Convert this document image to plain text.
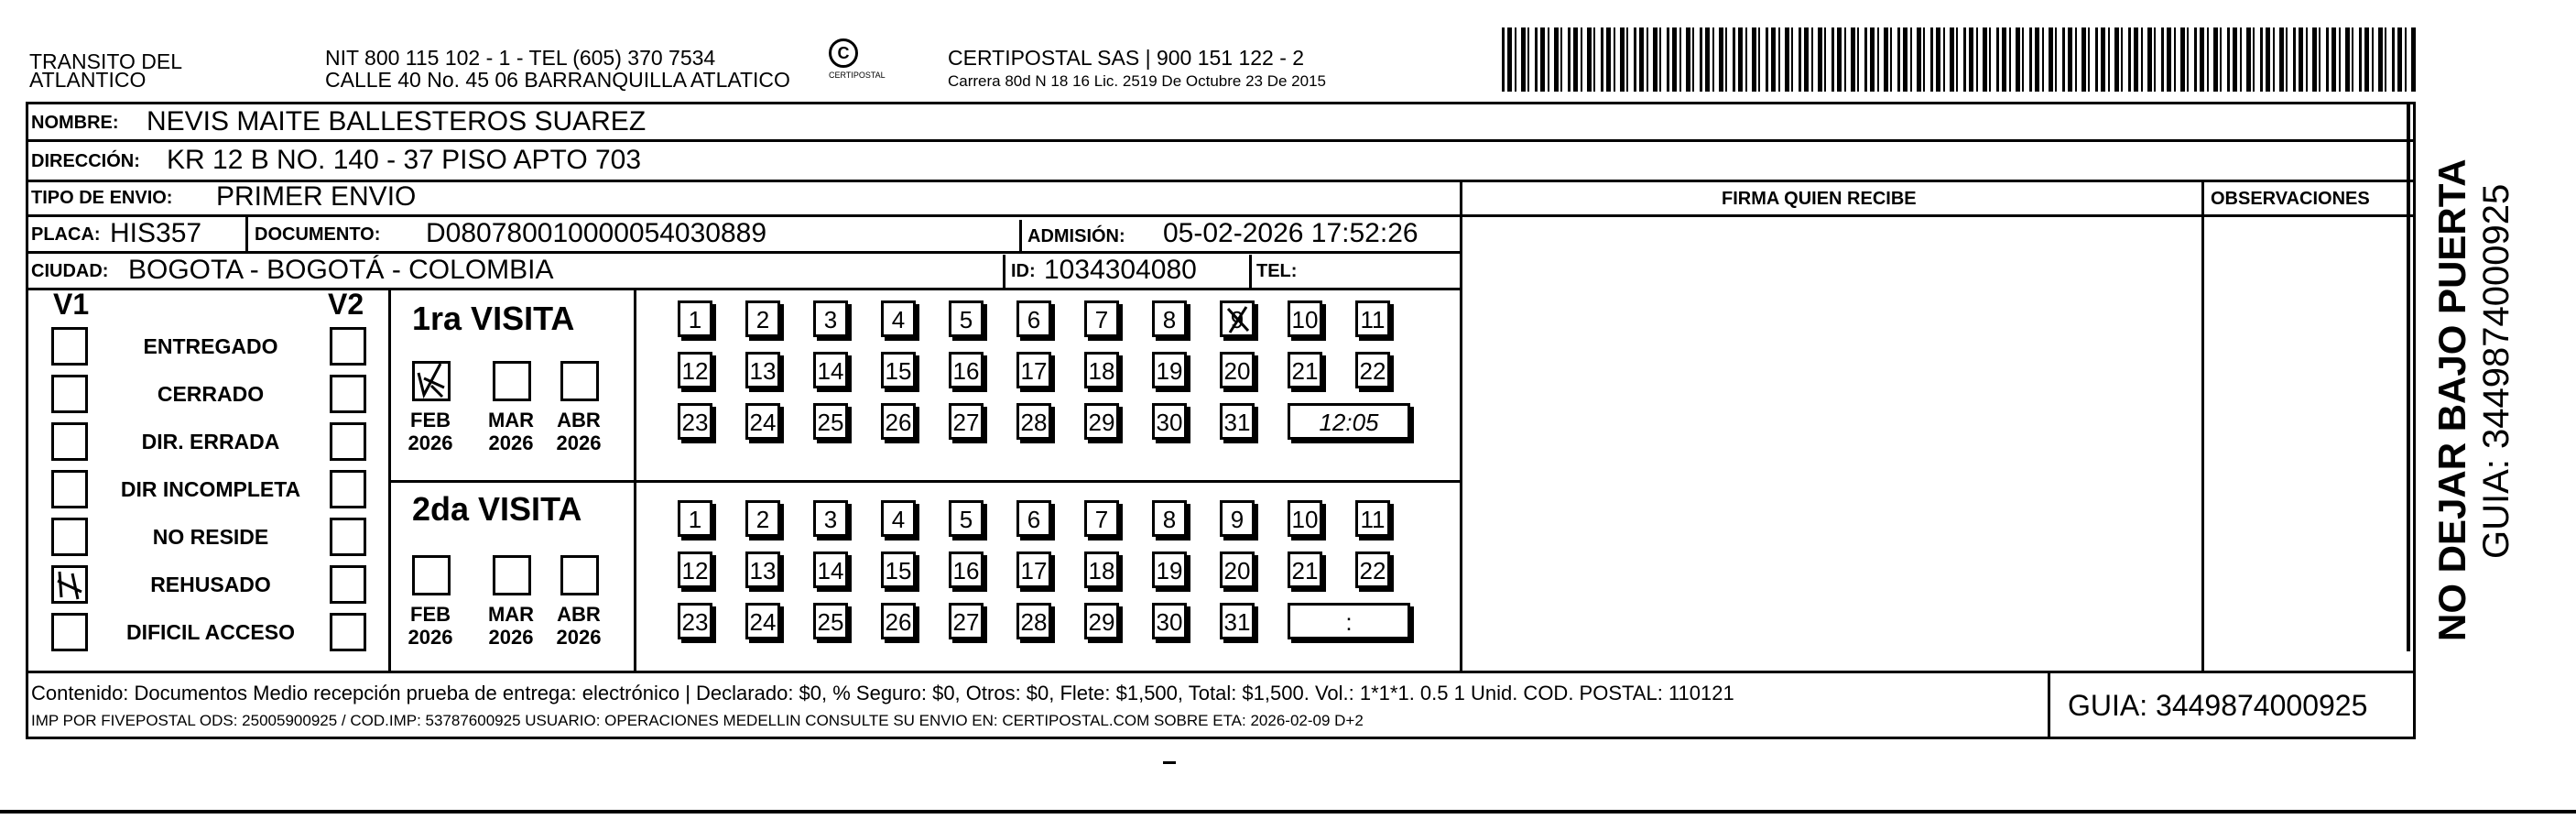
TRANSITO DEL
ATLANTICO
NIT 800 115 102 - 1 - TEL (605) 370 7534
CALLE 40 No. 45 06 BARRANQUILLA ATLATICO
C
CERTIPOSTAL
CERTIPOSTAL SAS | 900 151 122 - 2
Carrera 80d N 18 16 Lic. 2519 De Octubre 23 De 2015
NOMBRE: NEVIS MAITE BALLESTEROS SUAREZ
DIRECCIÓN: KR 12 B NO. 140 - 37 PISO APTO 703
TIPO DE ENVIO: PRIMER ENVIO	FIRMA QUIEN RECIBE	OBSERVACIONES
PLACA: HIS357	DOCUMENTO: D080780010000054030889	ADMISIÓN: 05-02-2026 17:52:26
CIUDAD: BOGOTA - BOGOTÁ - COLOMBIA	ID: 1034304080	TEL:
V1	V2
ENTREGADO
CERRADO
DIR. ERRADA
DIR INCOMPLETA
NO RESIDE
REHUSADO
DIFICIL ACCESO
1ra VISITA
FEB
2026
MAR
2026
ABR
2026
1	2	3	4	5	6	7	8	9	10 11
12 13 14 15 16 17 18 19 20 21 22
23 24 25 26 27 28 29 30 31	12:05
2da VISITA
FEB
2026
MAR
2026
ABR
2026
1	2	3	4	5	6	7	8	9	10 11
12 13 14 15 16 17 18 19 20 21 22
23 24 25 26 27 28 29 30 31	:
Contenido: Documentos Medio recepción prueba de entrega: electrónico | Declarado: $0, % Seguro: $0, Otros: $0, Flete: $1,500, Total: $1,500. Vol.: 1*1*1. 0.5 1 Unid. COD. POSTAL: 110121
IMP POR FIVEPOSTAL ODS: 25005900925 / COD.IMP: 53787600925 USUARIO: OPERACIONES MEDELLIN CONSULTE SU ENVIO EN: CERTIPOSTAL.COM SOBRE ETA: 2026-02-09 D+2	GUIA: 3449874000925
NO DEJAR BAJO PUERTA GUIA: 3449874000925
